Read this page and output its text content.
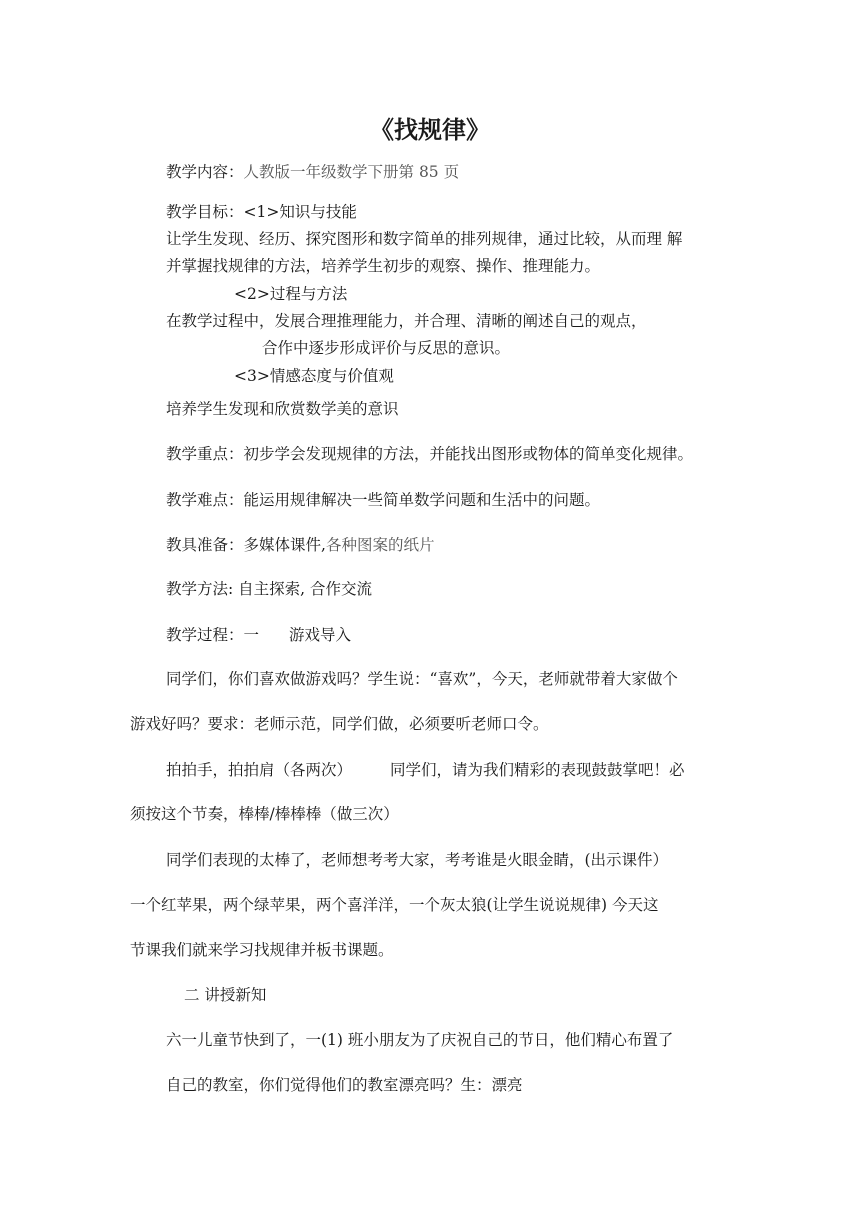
《找规律》
教学内容：人教版一年级数学下册第 85 页
教学目标：<1>知识与技能
让学生发现、经历、探究图形和数字简单的排列规律，通过比较，从而理 解
并掌握找规律的方法，培养学生初步的观察、操作、推理能力。
<2>过程与方法
在教学过程中，发展合理推理能力，并合理、清晰的阐述自己的观点，
合作中逐步形成评价与反思的意识。
<3>情感态度与价值观
培养学生发现和欣赏数学美的意识
教学重点：初步学会发现规律的方法，并能找出图形或物体的简单变化规律。
教学难点：能运用规律解决一些简单数学问题和生活中的问题。
教具准备：多媒体课件,各种图案的纸片
教学方法: 自主探索, 合作交流
教学过程：一 游戏导入
同学们，你们喜欢做游戏吗？学生说：“喜欢”，今天，老师就带着大家做个
游戏好吗？要求：老师示范，同学们做，必须要听老师口令。
拍拍手，拍拍肩（各两次） 同学们，请为我们精彩的表现鼓鼓掌吧！必
须按这个节奏，棒棒/棒棒棒（做三次）
同学们表现的太棒了，老师想考考大家，考考谁是火眼金睛，(出示课件）
一个红苹果，两个绿苹果，两个喜洋洋，一个灰太狼(让学生说说规律) 今天这
节课我们就来学习找规律并板书课题。
二 讲授新知
六一儿童节快到了，一(1) 班小朋友为了庆祝自己的节日，他们精心布置了
自己的教室，你们觉得他们的教室漂亮吗？生：漂亮
